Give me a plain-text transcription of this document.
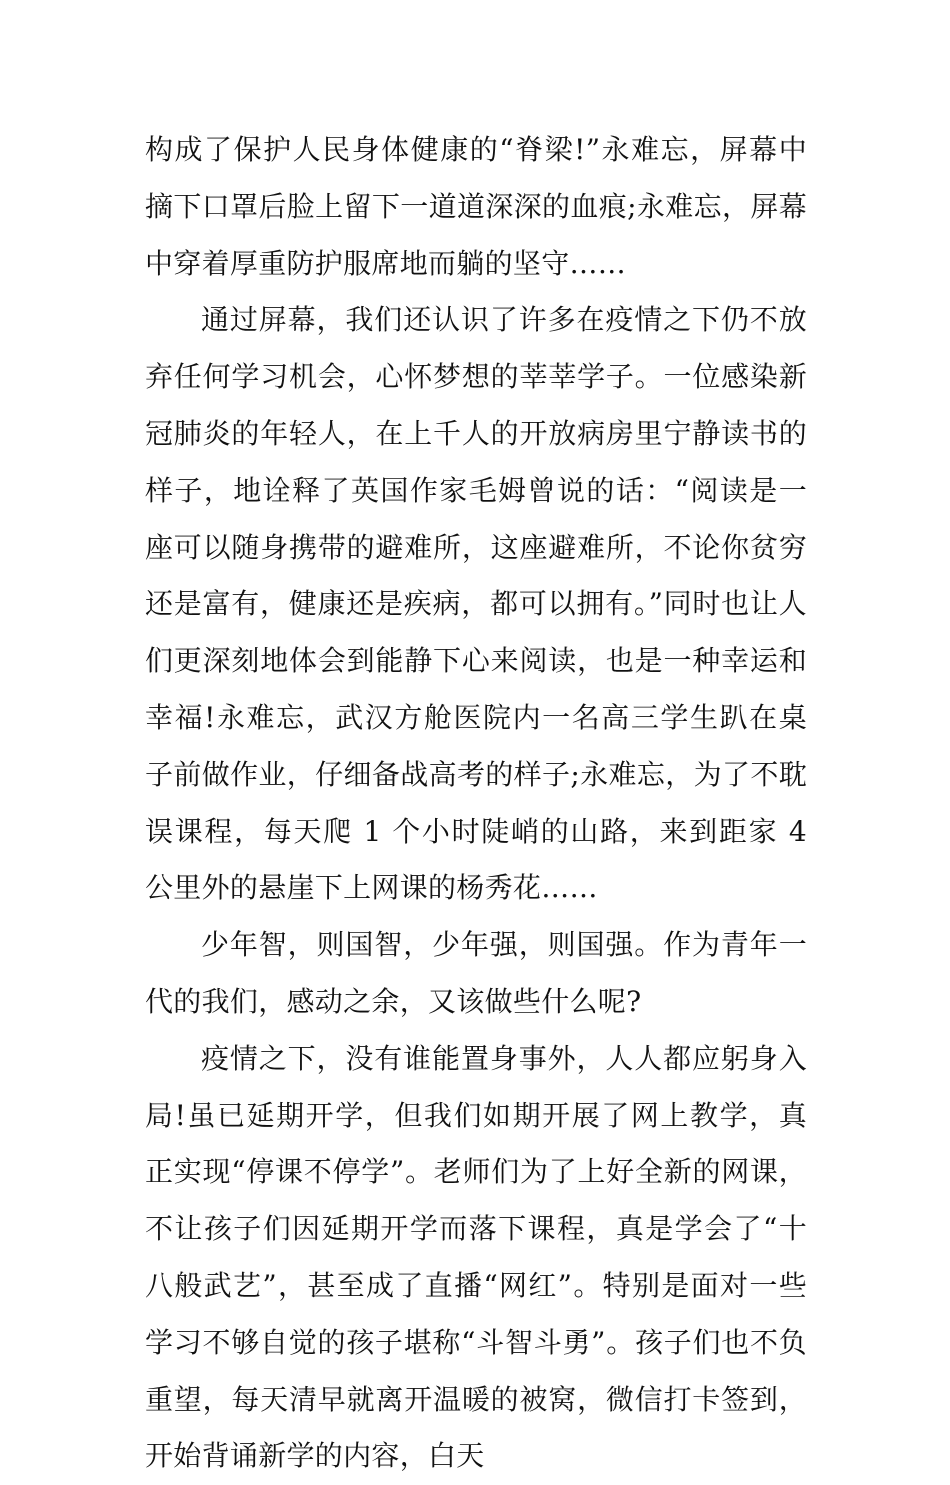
构成了保护人民身体健康的“脊梁!”永难忘，屏幕中摘下口罩后脸上留下一道道深深的血痕;永难忘，屏幕中穿着厚重防护服席地而躺的坚守……

通过屏幕，我们还认识了许多在疫情之下仍不放弃任何学习机会，心怀梦想的莘莘学子。一位感染新冠肺炎的年轻人，在上千人的开放病房里宁静读书的样子，地诠释了英国作家毛姆曾说的话：“阅读是一座可以随身携带的避难所，这座避难所，不论你贫穷还是富有，健康还是疾病，都可以拥有。”同时也让人们更深刻地体会到能静下心来阅读，也是一种幸运和幸福!永难忘，武汉方舱医院内一名高三学生趴在桌子前做作业，仔细备战高考的样子;永难忘，为了不耽误课程，每天爬 1 个小时陡峭的山路，来到距家 4 公里外的悬崖下上网课的杨秀花……

少年智，则国智，少年强，则国强。作为青年一代的我们，感动之余，又该做些什么呢?

疫情之下，没有谁能置身事外，人人都应躬身入局!虽已延期开学，但我们如期开展了网上教学，真正实现“停课不停学”。老师们为了上好全新的网课，不让孩子们因延期开学而落下课程，真是学会了“十八般武艺”，甚至成了直播“网红”。特别是面对一些学习不够自觉的孩子堪称“斗智斗勇”。孩子们也不负重望，每天清早就离开温暖的被窝，微信打卡签到，开始背诵新学的内容，白天
